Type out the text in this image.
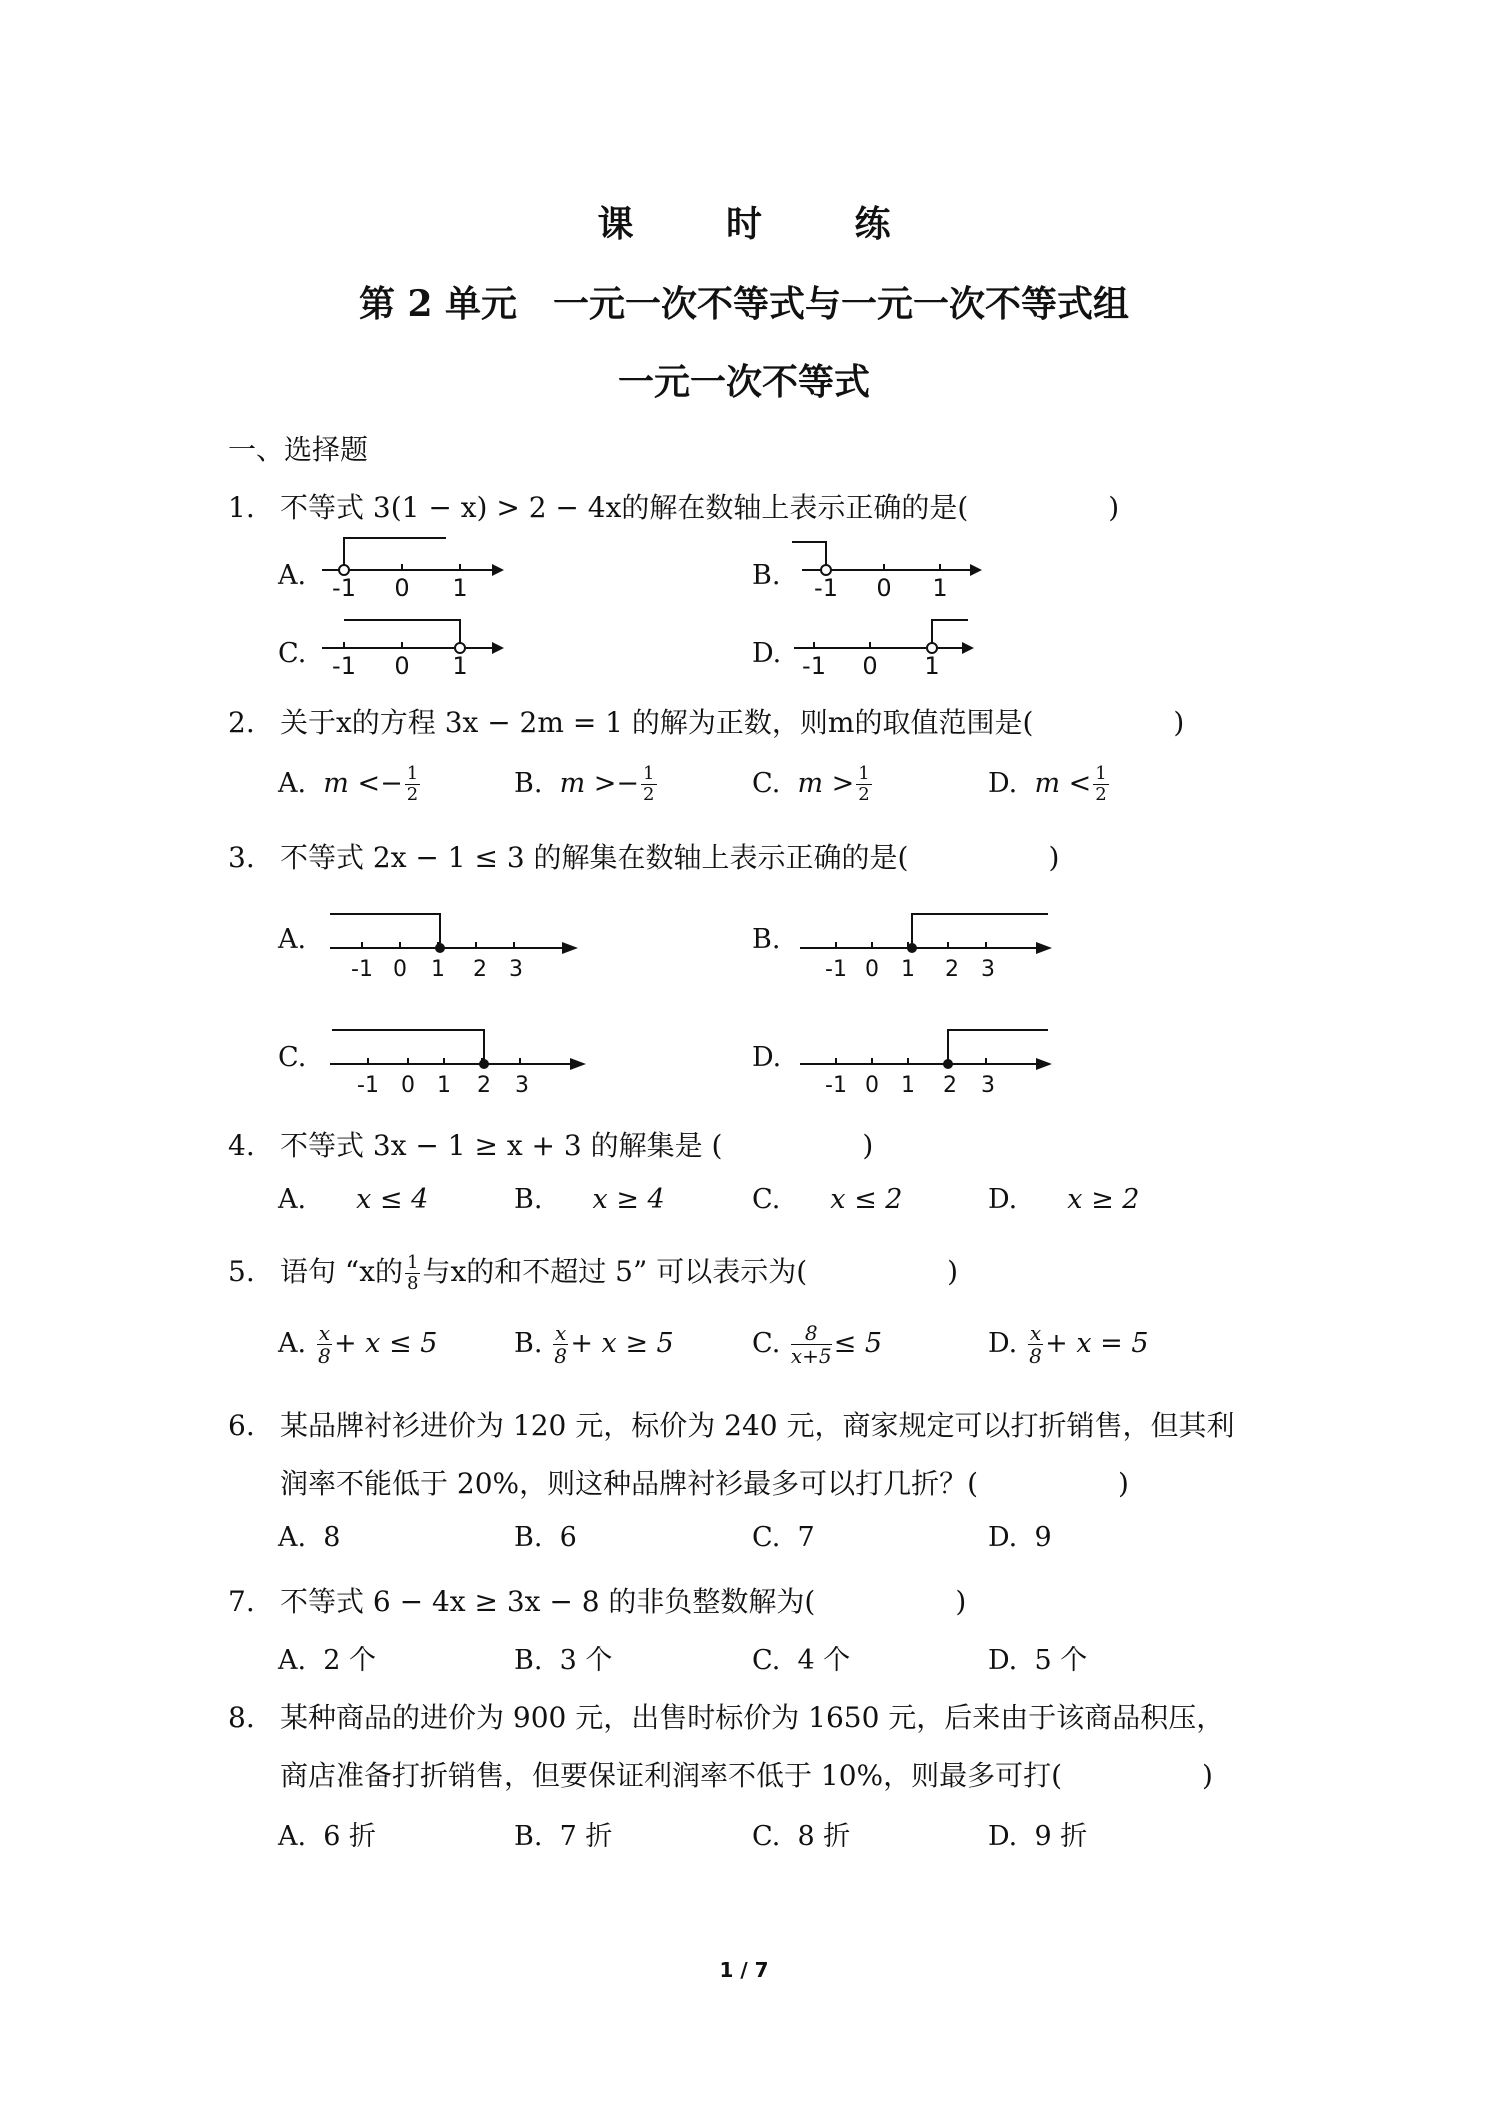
课 时 练
第 2 单元　一元一次不等式与一元一次不等式组
一元一次不等式
一、选择题
1. 不等式 3(1 − x) > 2 − 4x的解在数轴上表示正确的是(　　　　　)
A.	B.
C.	D.
-1 0 1	-1 0 1
-1 0 1	-1 0 1
2. 关于x的方程 3x − 2m = 1 的解为正数，则m的取值范围是(　　　　　)
A. $m <- \frac{1}{2}$	B. $m >- \frac{1}{2}$	C. $m > \frac{1}{2}$	D. $m < \frac{1}{2}$
3. 不等式 2x − 1 ≤ 3 的解集在数轴上表示正确的是(　　　　　)
A.	B.
C.	D.
-1 0 1 2 3	-1 0 1 2 3
-1 0 1 2 3	-1 0 1 2 3
4. 不等式 3x − 1 ≥ x + 3 的解集是 (　　　　　)
A. x ≤ 4	B. x ≥ 4	C. x ≤ 2	D. x ≥ 2
5. 语句 “x的 $\frac{1}{8}$ 与x的和不超过 5” 可以表示为(　　　　　)
A. $\frac{x}{8} + x \le 5$	B. $\frac{x}{8} + x \ge 5$	C. $\frac{8}{x+5} \le 5$	D. $\frac{x}{8} + x = 5$
6. 某品牌衬衫进价为 120 元，标价为 240 元，商家规定可以打折销售，但其利
润率不能低于 20%，则这种品牌衬衫最多可以打几折？(　　　　　)
A. 8	B. 6	C. 7	D. 9
7. 不等式 6 − 4x ≥ 3x − 8 的非负整数解为(　　　　　)
A. 2 个	B. 3 个	C. 4 个	D. 5 个
8. 某种商品的进价为 900 元，出售时标价为 1650 元，后来由于该商品积压，
商店准备打折销售，但要保证利润率不低于 10%，则最多可打(　　　　　)
A. 6 折	B. 7 折	C. 8 折	D. 9 折
1 / 7
